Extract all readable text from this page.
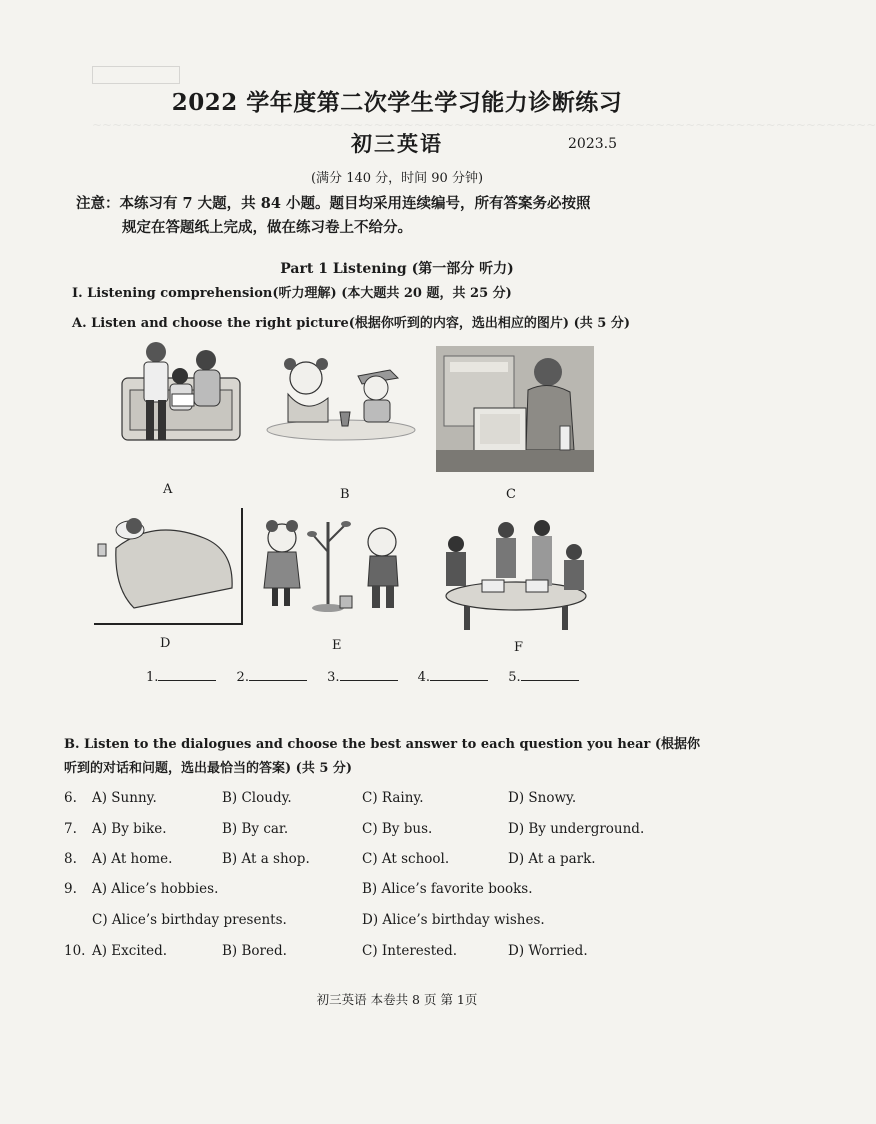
~~~~~~~~~~~~~~~~~~~~~~~~~~~~~~~~~~~~~~~~~~~~~~~~~~~~~~~~~~~~~~~~~~~~~~~~~~~~~~
2022 学年度第二次学生学习能力诊断练习
初三英语	2023.5
(满分 140 分，时间 90 分钟)
注意：本练习有 7 大题，共 84 小题。题目均采用连续编号，所有答案务必按照
规定在答题纸上完成，做在练习卷上不给分。
Part 1 Listening (第一部分 听力)
I. Listening comprehension(听力理解) (本大题共 20 题，共 25 分)
A. Listen and choose the right picture(根据你听到的内容，选出相应的图片) (共 5 分)
A	B	C
D	E	F
1.	2.	3.	4.	5.
B. Listen to the dialogues and choose the best answer to each question you hear (根据你听到的对话和问题，选出最恰当的答案) (共 5 分)
6. A) Sunny.	B) Cloudy.	C) Rainy.	D) Snowy.
7. A) By bike.	B) By car.	C) By bus.	D) By underground.
8. A) At home.	B) At a shop.	C) At school.	D) At a park.
9. A) Alice’s hobbies.	B) Alice’s favorite books.
C) Alice’s birthday presents.	D) Alice’s birthday wishes.
10. A) Excited.	B) Bored.	C) Interested.	D) Worried.
初三英语 本卷共 8 页 第 1页
